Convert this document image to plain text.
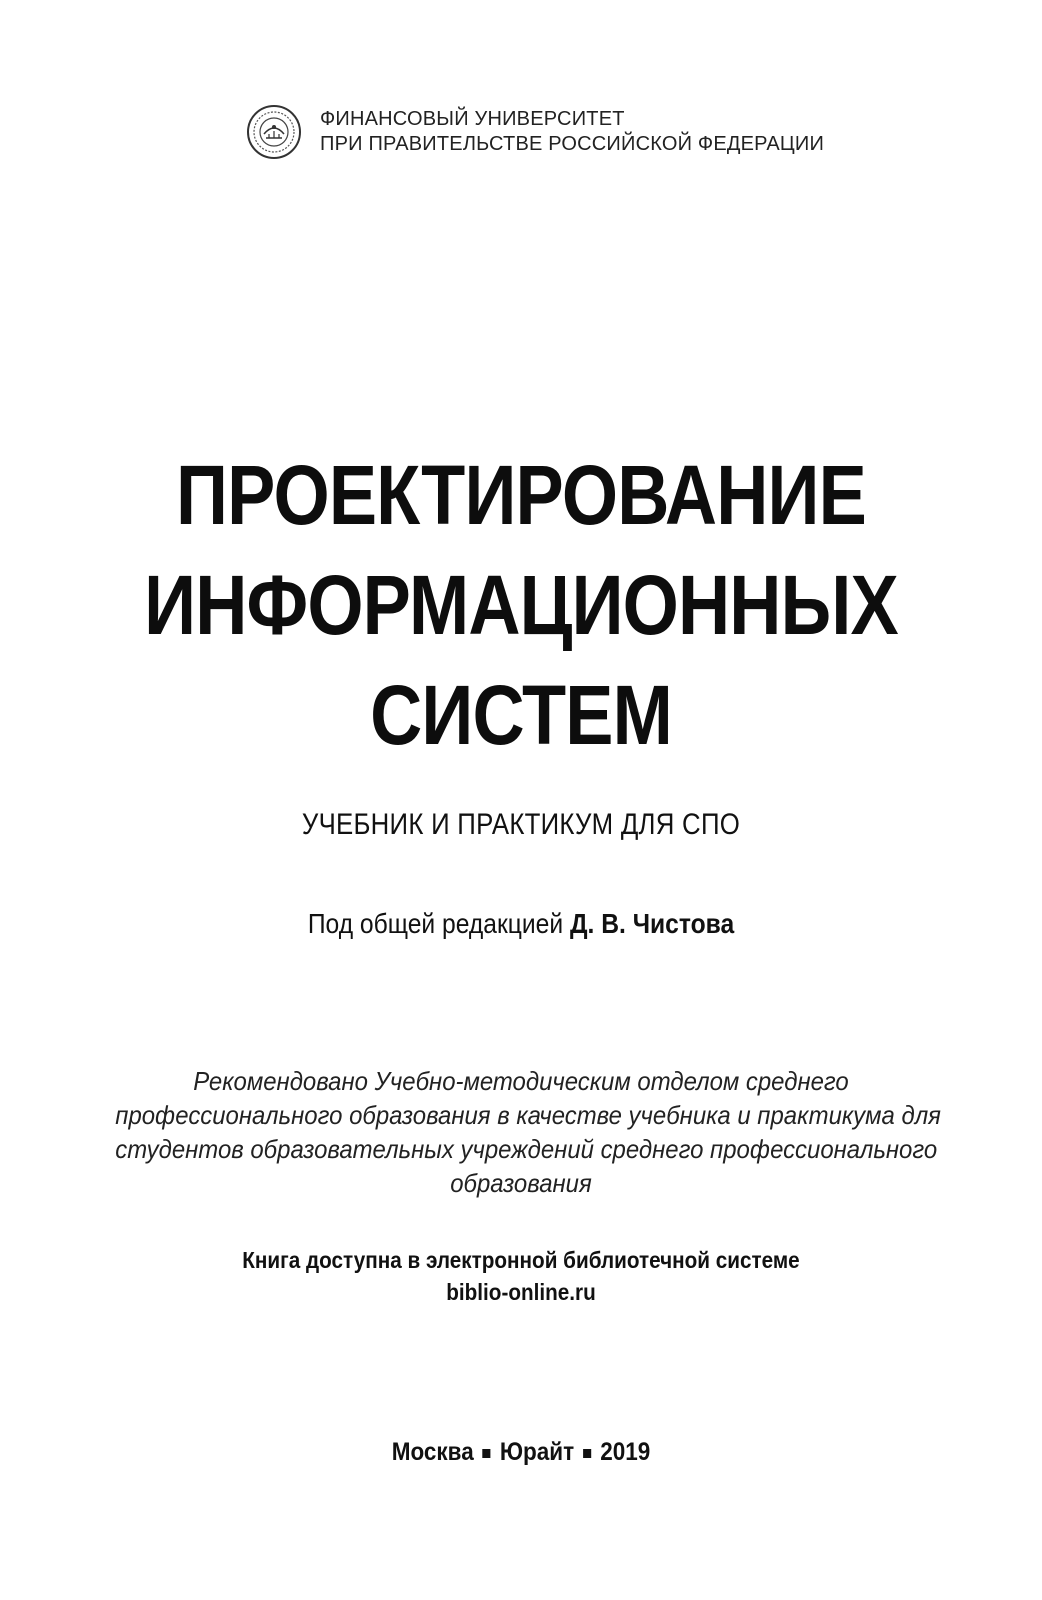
ФИНАНСОВЫЙ УНИВЕРСИТЕТ
ПРИ ПРАВИТЕЛЬСТВЕ РОССИЙСКОЙ ФЕДЕРАЦИИ
ПРОЕКТИРОВАНИЕ
ИНФОРМАЦИОННЫХ
СИСТЕМ
УЧЕБНИК И ПРАКТИКУМ ДЛЯ СПО
Под общей редакцией Д. В. Чистова
Рекомендовано Учебно-методическим отделом среднего
профессионального образования в качестве учебника и практикума для
студентов образовательных учреждений среднего профессионального
образования
Книга доступна в электронной библиотечной системе
biblio-online.ru
Москва Юрайт 2019
